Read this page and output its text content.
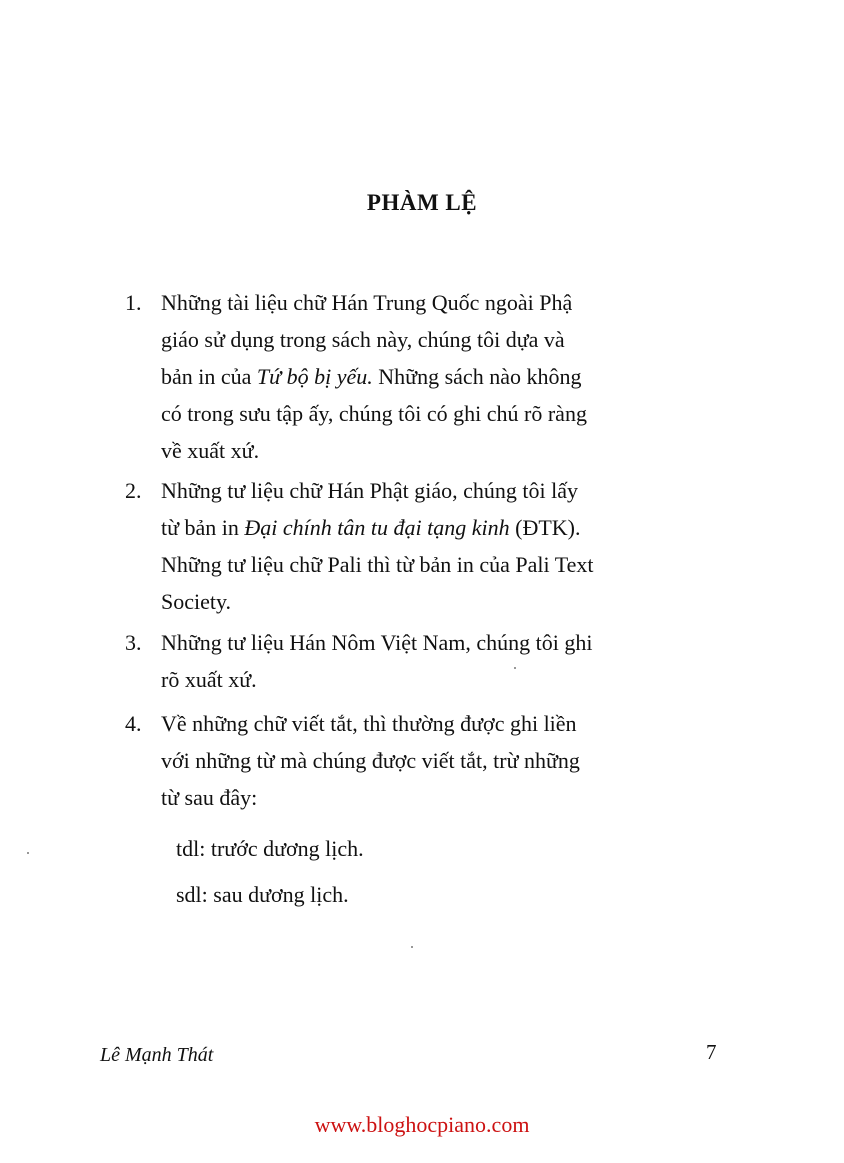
PHÀM LỆ
1. Những tài liệu chữ Hán Trung Quốc ngoài Phậ
giáo sử dụng trong sách này, chúng tôi dựa và
bản in của Tứ bộ bị yếu. Những sách nào không
có trong sưu tập ấy, chúng tôi có ghi chú rõ ràng
về xuất xứ.
2. Những tư liệu chữ Hán Phật giáo, chúng tôi lấy
từ bản in Đại chính tân tu đại tạng kinh (ĐTK).
Những tư liệu chữ Pali thì từ bản in của Pali Text
Society.
3. Những tư liệu Hán Nôm Việt Nam, chúng tôi ghi
rõ xuất xứ.
4. Về những chữ viết tắt, thì thường được ghi liền
với những từ mà chúng được viết tắt, trừ những
từ sau đây:
tdl: trước dương lịch.
sdl: sau dương lịch.
Lê Mạnh Thát	7
www.bloghocpiano.com
